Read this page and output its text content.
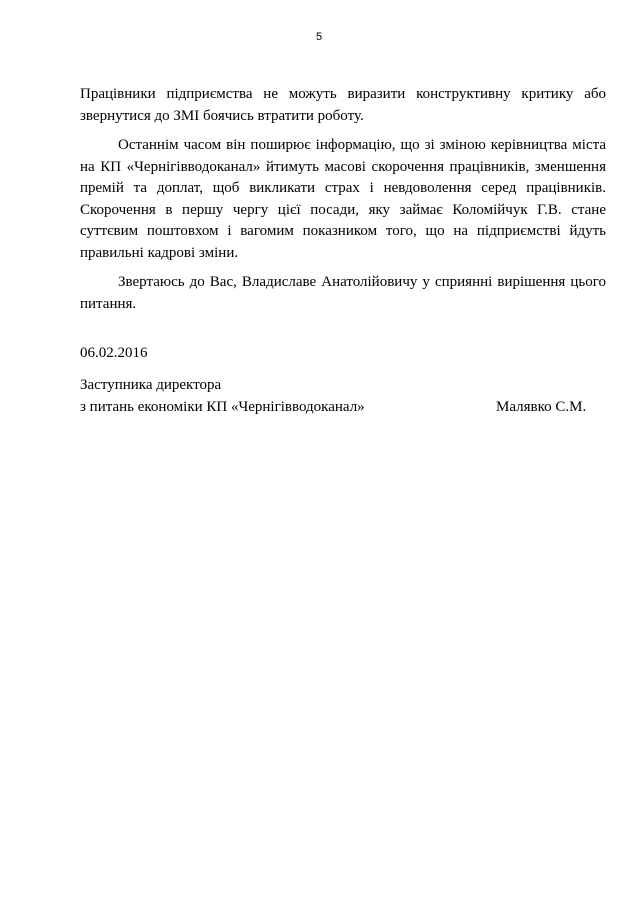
5

Працівники підприємства не можуть виразити конструктивну критику або звернутися до ЗМІ боячись втратити роботу.

Останнім часом він поширює інформацію, що зі зміною керівництва міста на КП «Чернігівводоканал» йтимуть масові скорочення працівників, зменшення премій та доплат, щоб викликати страх і невдоволення серед працівників. Скорочення в першу чергу цієї посади, яку займає Коломійчук Г.В. стане суттєвим поштовхом і вагомим показником того, що на підприємстві йдуть правильні кадрові зміни.

Звертаюсь до Вас, Владиславе Анатолійовичу у сприянні вирішення цього питання.

06.02.2016
Заступника директора
з питань економіки КП «Чернігівводоканал»	Малявко С.М.
